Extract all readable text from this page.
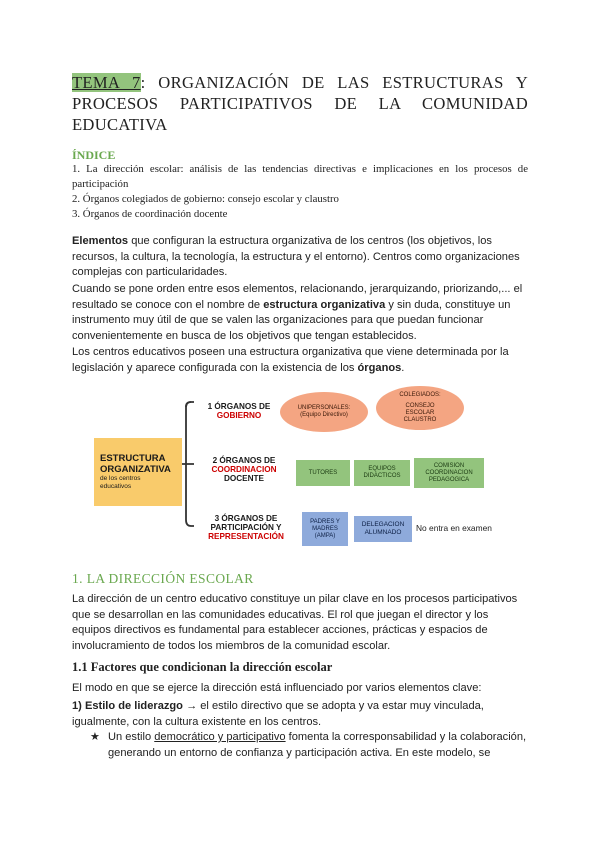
TEMA 7: ORGANIZACIÓN DE LAS ESTRUCTURAS Y PROCESOS PARTICIPATIVOS DE LA COMUNIDAD EDUCATIVA
ÍNDICE
1. La dirección escolar: análisis de las tendencias directivas e implicaciones en los procesos de participación
2. Órganos colegiados de gobierno: consejo escolar y claustro
3. Órganos de coordinación docente

Elementos que configuran la estructura organizativa de los centros (los objetivos, los recursos, la cultura, la tecnología, la estructura y el entorno). Centros como organizaciones complejas con particularidades.

Cuando se pone orden entre esos elementos, relacionando, jerarquizando, priorizando,... el resultado se conoce con el nombre de estructura organizativa y sin duda, constituye un instrumento muy útil de que se valen las organizaciones para que puedan funcionar convenientemente en busca de los objetivos que tengan establecidos.

Los centros educativos poseen una estructura organizativa que viene determinada por la legislación y aparece configurada con la existencia de los órganos.

ESTRUCTURA
ORGANIZATIVA
de los centros educativos
1 ÓRGANOS DE
GOBIERNO
UNIPERSONALES: (Equipo Directivo)
COLEGIADOS:
CONSEJO ESCOLAR CLAUSTRO
2 ÓRGANOS DE
COORDINACION
DOCENTE
TUTORES
EQUIPOS DIDACTICOS
COMISION COORDINACION PEDAGOGICA
3 ÓRGANOS DE
PARTICIPACIÓN Y
REPRESENTACIÓN
PADRES Y MADRES (AMPA)
DELEGACION ALUMNADO	No entra en examen
1. LA DIRECCIÓN ESCOLAR

La dirección de un centro educativo constituye un pilar clave en los procesos participativos que se desarrollan en las comunidades educativas. El rol que juegan el director y los equipos directivos es fundamental para establecer acciones, prácticas y espacios de involucramiento de todos los miembros de la comunidad escolar.

1.1 Factores que condicionan la dirección escolar

El modo en que se ejerce la dirección está influenciado por varios elementos clave:

1) Estilo de liderazgo → el estilo directivo que se adopta y va estar muy vinculada, igualmente, con la cultura existente en los centros.

★ Un estilo democrático y participativo fomenta la corresponsabilidad y la colaboración, generando un entorno de confianza y participación activa. En este modelo, se
